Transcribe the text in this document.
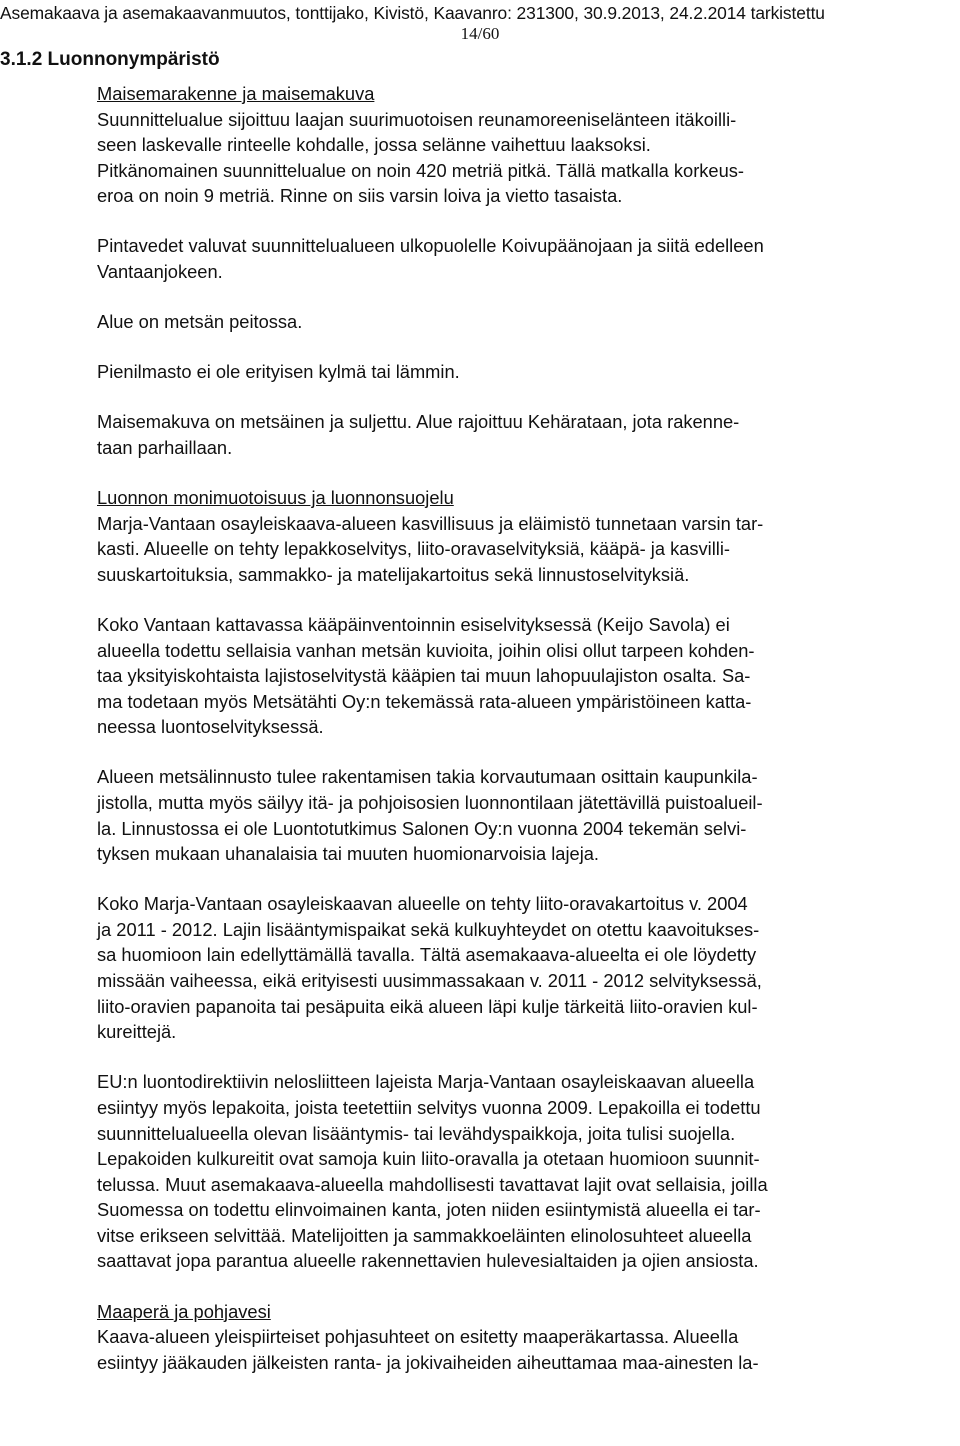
Asemakaava ja asemakaavanmuutos, tonttijako, Kivistö, Kaavanro: 231300, 30.9.2013, 24.2.2014 tarkistettu

14/60

3.1.2 Luonnonympäristö

Maisemarakenne ja maisemakuva

Suunnittelualue sijoittuu laajan suurimuotoisen reunamoreeniselänteen itäkoilli-

seen laskevalle rinteelle kohdalle, jossa selänne vaihettuu laaksoksi.

Pitkänomainen suunnittelualue on noin 420 metriä pitkä. Tällä matkalla korkeus-

eroa on noin 9 metriä. Rinne on siis varsin loiva ja vietto tasaista.

Pintavedet valuvat suunnittelualueen ulkopuolelle Koivupäänojaan ja siitä edelleen

Vantaanjokeen.

Alue on metsän peitossa.

Pienilmasto ei ole erityisen kylmä tai lämmin.

Maisemakuva on metsäinen ja suljettu. Alue rajoittuu Kehärataan, jota rakenne-

taan parhaillaan.

Luonnon monimuotoisuus ja luonnonsuojelu

Marja-Vantaan osayleiskaava-alueen kasvillisuus ja eläimistö tunnetaan varsin tar-

kasti. Alueelle on tehty lepakkoselvitys, liito-oravaselvityksiä, kääpä- ja kasvilli-

suuskartoituksia, sammakko- ja matelijakartoitus sekä linnustoselvityksiä.

Koko Vantaan kattavassa kääpäinventoinnin esiselvityksessä (Keijo Savola) ei

alueella todettu sellaisia vanhan metsän kuvioita, joihin olisi ollut tarpeen kohden-

taa yksityiskohtaista lajistoselvitystä kääpien tai muun lahopuulajiston osalta. Sa-

ma todetaan myös Metsätähti Oy:n tekemässä rata-alueen ympäristöineen katta-

neessa luontoselvityksessä.

Alueen metsälinnusto tulee rakentamisen takia korvautumaan osittain kaupunkila-

jistolla, mutta myös säilyy itä- ja pohjoisosien luonnontilaan jätettävillä puistoalueil-

la. Linnustossa ei ole Luontotutkimus Salonen Oy:n vuonna 2004 tekemän selvi-

tyksen mukaan uhanalaisia tai muuten huomionarvoisia lajeja.

Koko Marja-Vantaan osayleiskaavan alueelle on tehty liito-oravakartoitus v. 2004

ja 2011 - 2012. Lajin lisääntymispaikat sekä kulkuyhteydet on otettu kaavoitukses-

sa huomioon lain edellyttämällä tavalla. Tältä asemakaava-alueelta ei ole löydetty

missään vaiheessa, eikä erityisesti uusimmassakaan v. 2011 - 2012 selvityksessä,

liito-oravien papanoita tai pesäpuita eikä alueen läpi kulje tärkeitä liito-oravien kul-

kureittejä.

EU:n luontodirektiivin nelosliitteen lajeista Marja-Vantaan osayleiskaavan alueella

esiintyy myös lepakoita, joista teetettiin selvitys vuonna 2009. Lepakoilla ei todettu

suunnittelualueella olevan lisääntymis- tai levähdyspaikkoja, joita tulisi suojella.

Lepakoiden kulkureitit ovat samoja kuin liito-oravalla ja otetaan huomioon suunnit-

telussa. Muut asemakaava-alueella mahdollisesti tavattavat lajit ovat sellaisia, joilla

Suomessa on todettu elinvoimainen kanta, joten niiden esiintymistä alueella ei tar-

vitse erikseen selvittää. Matelijoitten ja sammakkoeläinten elinolosuhteet alueella

saattavat jopa parantua alueelle rakennettavien hulevesialtaiden ja ojien ansiosta.

Maaperä ja pohjavesi

Kaava-alueen yleispiirteiset pohjasuhteet on esitetty maaperäkartassa. Alueella

esiintyy jääkauden jälkeisten ranta- ja jokivaiheiden aiheuttamaa maa-ainesten la-
